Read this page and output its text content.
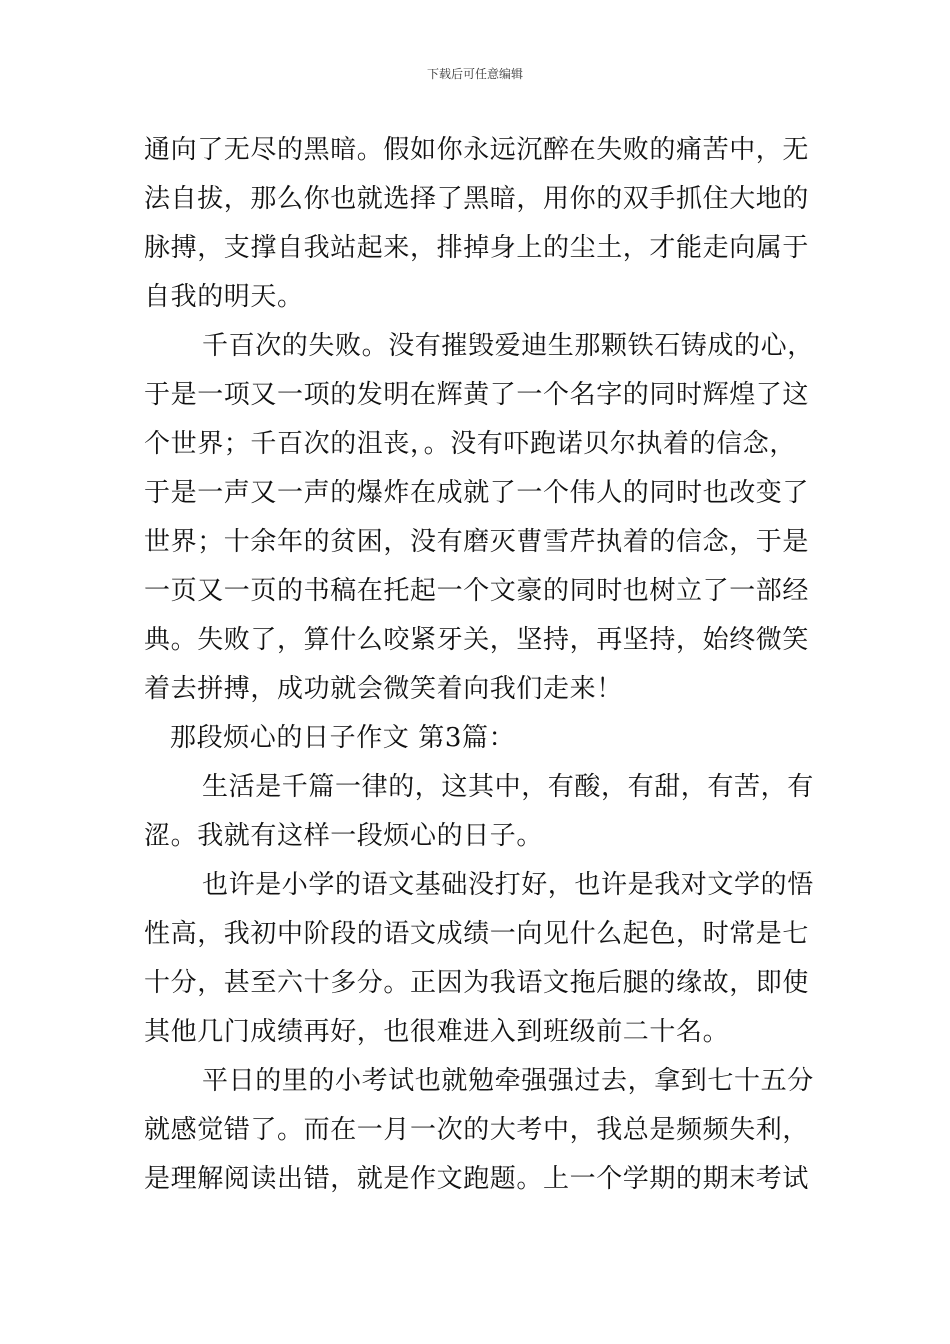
下载后可任意编辑
通向了无尽的黑暗。假如你永远沉醉在失败的痛苦中，无
法自拔，那么你也就选择了黑暗，用你的双手抓住大地的
脉搏，支撑自我站起来，排掉身上的尘土，才能走向属于
自我的明天。
千百次的失败。没有摧毁爱迪生那颗铁石铸成的心，
于是一项又一项的发明在辉黄了一个名字的同时辉煌了这
个世界；千百次的沮丧，。没有吓跑诺贝尔执着的信念，
于是一声又一声的爆炸在成就了一个伟人的同时也改变了
世界；十余年的贫困，没有磨灭曹雪芹执着的信念，于是
一页又一页的书稿在托起一个文豪的同时也树立了一部经
典。失败了，算什么咬紧牙关，坚持，再坚持，始终微笑
着去拼搏，成功就会微笑着向我们走来！
那段烦心的日子作文 第3篇：
生活是千篇一律的，这其中，有酸，有甜，有苦，有
涩。我就有这样一段烦心的日子。
也许是小学的语文基础没打好，也许是我对文学的悟
性高，我初中阶段的语文成绩一向见什么起色，时常是七
十分，甚至六十多分。正因为我语文拖后腿的缘故，即使
其他几门成绩再好，也很难进入到班级前二十名。
平日的里的小考试也就勉牵强强过去，拿到七十五分
就感觉错了。而在一月一次的大考中，我总是频频失利，
是理解阅读出错，就是作文跑题。上一个学期的期末考试
